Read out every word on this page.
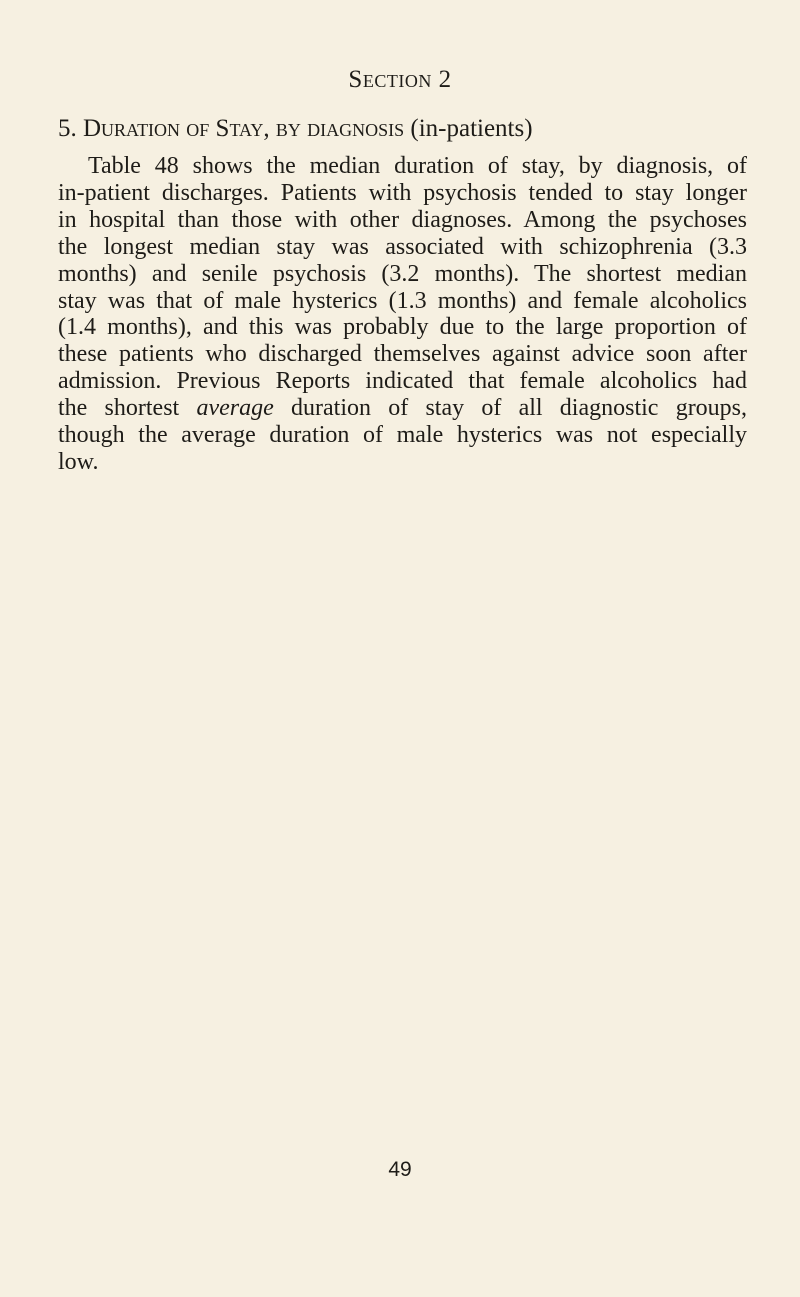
Section 2
5. Duration of Stay, by diagnosis (in-patients)

Table 48 shows the median duration of stay, by diagnosis, of
in-patient discharges. Patients with psychosis tended to stay longer
in hospital than those with other diagnoses. Among the psychoses
the longest median stay was associated with schizophrenia (3.3
months) and senile psychosis (3.2 months). The shortest median
stay was that of male hysterics (1.3 months) and female alcoholics
(1.4 months), and this was probably due to the large proportion of
these patients who discharged themselves against advice soon after
admission. Previous Reports indicated that female alcoholics had
the shortest average duration of stay of all diagnostic groups,
though the average duration of male hysterics was not especially
low.

49
